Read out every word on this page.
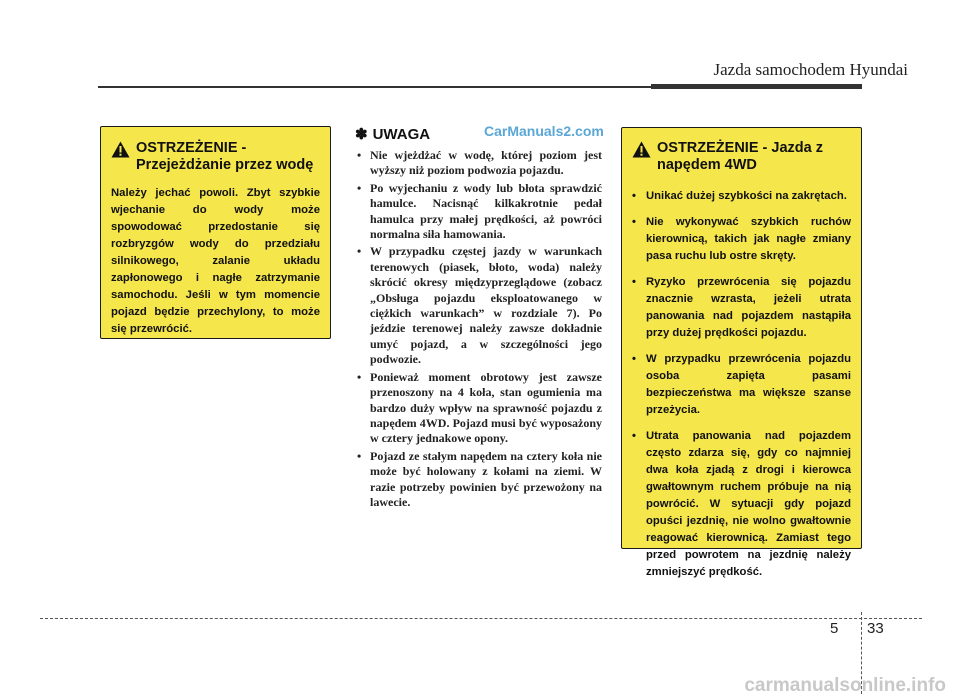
Jazda samochodem Hyundai
OSTRZEŻENIE - Przejeżdżanie przez wodę
Należy jechać powoli. Zbyt szybkie wjechanie do wody może spowodować przedostanie się rozbryzgów wody do przedziału silnikowego, zalanie układu zapłonowego i nagłe zatrzymanie samochodu. Jeśli w tym momencie pojazd będzie przechylony, to może się przewrócić.
✽ UWAGA	CarManuals2.com
• Nie wjeżdżać w wodę, której poziom jest wyższy niż poziom podwozia pojazdu.
• Po wyjechaniu z wody lub błota sprawdzić hamulce. Nacisnąć kilkakrotnie pedał hamulca przy małej prędkości, aż powróci normalna siła hamowania.
• W przypadku częstej jazdy w warunkach terenowych (piasek, błoto, woda) należy skrócić okresy międzyprzeglądowe (zobacz „Obsługa pojazdu eksploatowanego w ciężkich warunkach” w rozdziale 7). Po jeździe terenowej należy zawsze dokładnie umyć pojazd, a w szczególności jego podwozie.
• Ponieważ moment obrotowy jest zawsze przenoszony na 4 koła, stan ogumienia ma bardzo duży wpływ na sprawność pojazdu z napędem 4WD. Pojazd musi być wyposażony w cztery jednakowe opony.
• Pojazd ze stałym napędem na cztery koła nie może być holowany z kołami na ziemi. W razie potrzeby powinien być przewożony na lawecie.
OSTRZEŻENIE - Jazda z napędem 4WD
• Unikać dużej szybkości na zakrętach.
• Nie wykonywać szybkich ruchów kierownicą, takich jak nagłe zmiany pasa ruchu lub ostre skręty.
• Ryzyko przewrócenia się pojazdu znacznie wzrasta, jeżeli utrata panowania nad pojazdem nastąpiła przy dużej prędkości pojazdu.
• W przypadku przewrócenia pojazdu osoba zapięta pasami bezpieczeństwa ma większe szanse przeżycia.
• Utrata panowania nad pojazdem często zdarza się, gdy co najmniej dwa koła zjadą z drogi i kierowca gwałtownym ruchem próbuje na nią powrócić. W sytuacji gdy pojazd opuści jezdnię, nie wolno gwałtownie reagować kierownicą. Zamiast tego przed powrotem na jezdnię należy zmniejszyć prędkość.
5 33
carmanualsonline.info
